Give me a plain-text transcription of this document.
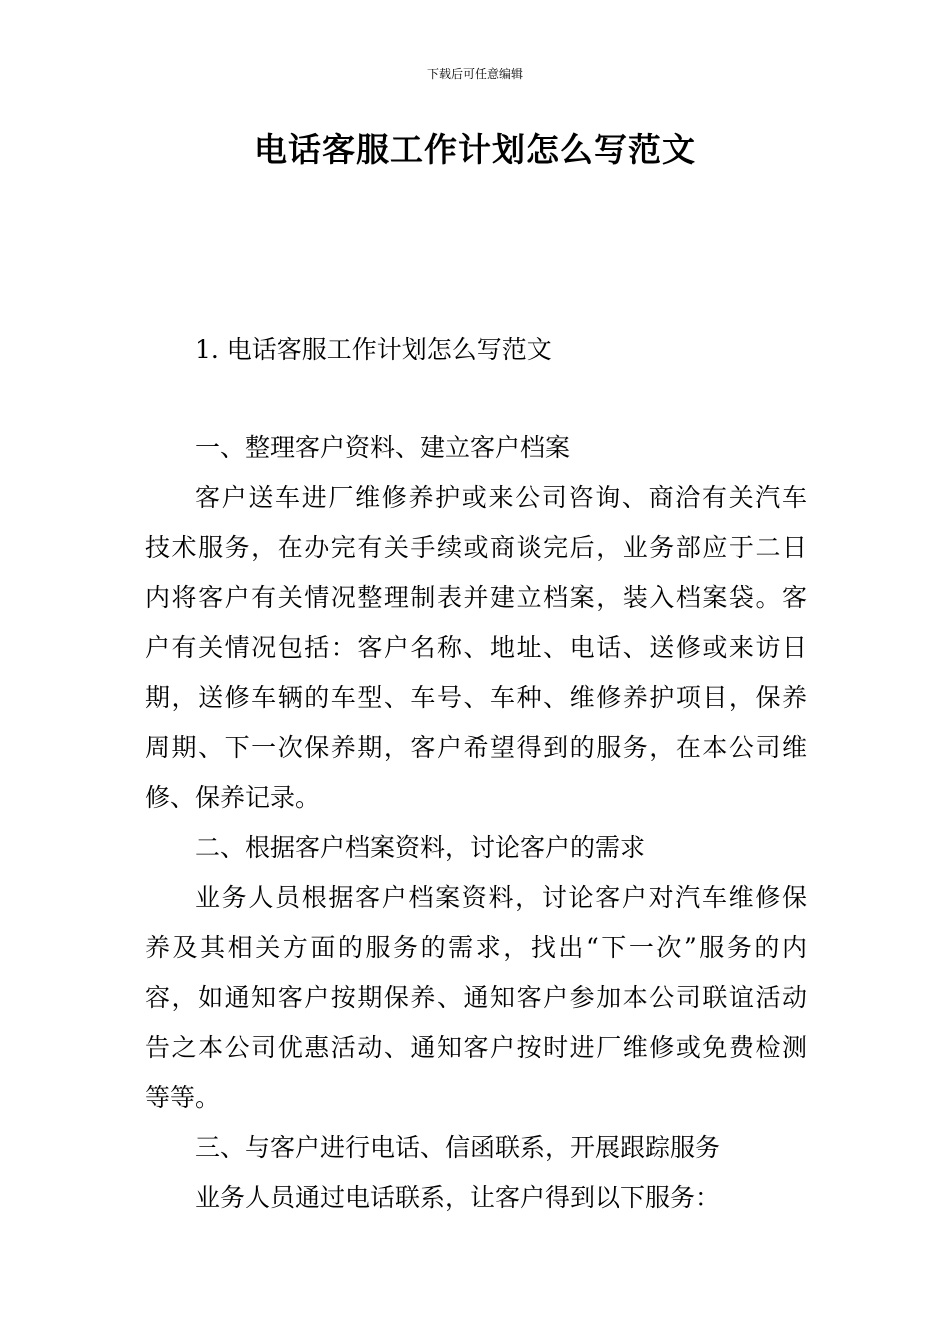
下载后可任意编辑
电话客服工作计划怎么写范文
1. 电话客服工作计划怎么写范文
一、整理客户资料、建立客户档案
客户送车进厂维修养护或来公司咨询、商洽有关汽车
技术服务，在办完有关手续或商谈完后，业务部应于二日
内将客户有关情况整理制表并建立档案，装入档案袋。客
户有关情况包括：客户名称、地址、电话、送修或来访日
期，送修车辆的车型、车号、车种、维修养护项目，保养
周期、下一次保养期，客户希望得到的服务，在本公司维
修、保养记录。
二、根据客户档案资料，讨论客户的需求
业务人员根据客户档案资料，讨论客户对汽车维修保
养及其相关方面的服务的需求，找出“下一次”服务的内
容，如通知客户按期保养、通知客户参加本公司联谊活动
告之本公司优惠活动、通知客户按时进厂维修或免费检测
等等。
三、与客户进行电话、信函联系，开展跟踪服务
业务人员通过电话联系，让客户得到以下服务：
